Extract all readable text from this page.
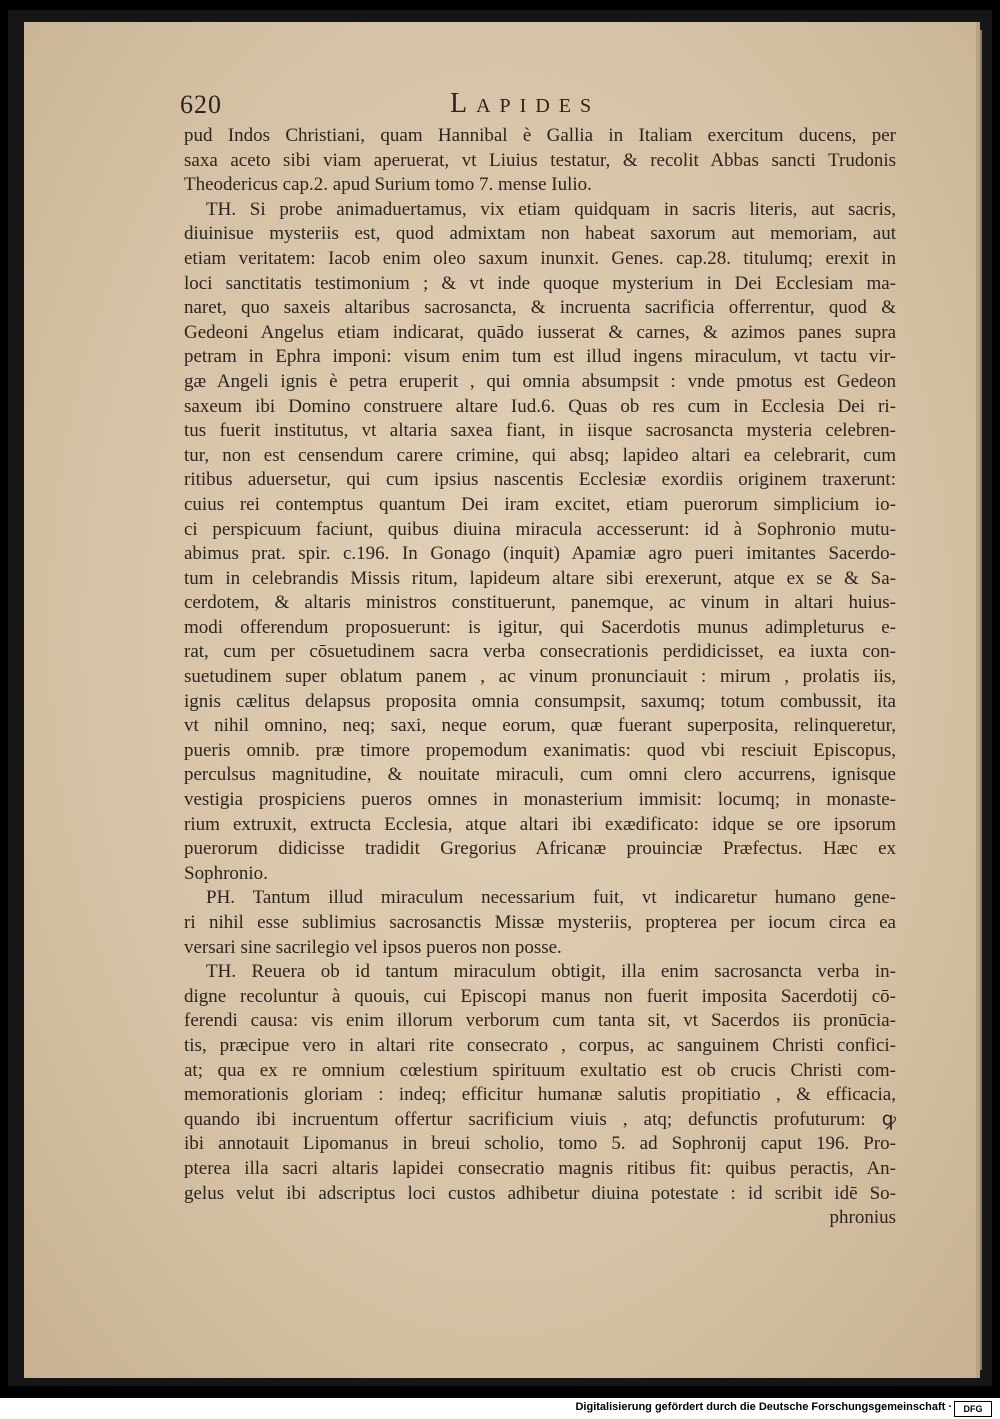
620	Lapides
pud Indos Christiani, quam Hannibal è Gallia in Italiam exercitum ducens, per
saxa aceto sibi viam aperuerat, vt Liuius testatur, & recolit Abbas sancti Trudonis
Theodericus cap.2. apud Surium tomo 7. mense Iulio.
TH. Si probe animaduertamus, vix etiam quidquam in sacris literis, aut sacris,
diuinisue mysteriis est, quod admixtam non habeat saxorum aut memoriam, aut
etiam veritatem: Iacob enim oleo saxum inunxit. Genes. cap.28. titulumq; erexit in
loci sanctitatis testimonium ; & vt inde quoque mysterium in Dei Ecclesiam ma-
naret, quo saxeis altaribus sacrosancta, & incruenta sacrificia offerrentur, quod &
Gedeoni Angelus etiam indicarat, quādo iusserat & carnes, & azimos panes supra
petram in Ephra imponi: visum enim tum est illud ingens miraculum, vt tactu vir-
gæ Angeli ignis è petra eruperit , qui omnia absumpsit : vnde pmotus est Gedeon
saxeum ibi Domino construere altare Iud.6. Quas ob res cum in Ecclesia Dei ri-
tus fuerit institutus, vt altaria saxea fiant, in iisque sacrosancta mysteria celebren-
tur, non est censendum carere crimine, qui absq; lapideo altari ea celebrarit, cum
ritibus aduersetur, qui cum ipsius nascentis Ecclesiæ exordiis originem traxerunt:
cuius rei contemptus quantum Dei iram excitet, etiam puerorum simplicium io-
ci perspicuum faciunt, quibus diuina miracula accesserunt: id à Sophronio mutu-
abimus prat. spir. c.196. In Gonago (inquit) Apamiæ agro pueri imitantes Sacerdo-
tum in celebrandis Missis ritum, lapideum altare sibi erexerunt, atque ex se & Sa-
cerdotem, & altaris ministros constituerunt, panemque, ac vinum in altari huius-
modi offerendum proposuerunt: is igitur, qui Sacerdotis munus adimpleturus e-
rat, cum per cōsuetudinem sacra verba consecrationis perdidicisset, ea iuxta con-
suetudinem super oblatum panem , ac vinum pronunciauit : mirum , prolatis iis,
ignis cælitus delapsus proposita omnia consumpsit, saxumq; totum combussit, ita
vt nihil omnino, neq; saxi, neque eorum, quæ fuerant superposita, relinqueretur,
pueris omnib. præ timore propemodum exanimatis: quod vbi resciuit Episcopus,
perculsus magnitudine, & nouitate miraculi, cum omni clero accurrens, ignisque
vestigia prospiciens pueros omnes in monasterium immisit: locumq; in monaste-
rium extruxit, extructa Ecclesia, atque altari ibi exædificato: idque se ore ipsorum
puerorum didicisse tradidit Gregorius Africanæ prouinciæ Præfectus. Hæc ex
Sophronio.
PH. Tantum illud miraculum necessarium fuit, vt indicaretur humano gene-
ri nihil esse sublimius sacrosanctis Missæ mysteriis, propterea per iocum circa ea
versari sine sacrilegio vel ipsos pueros non posse.
TH. Reuera ob id tantum miraculum obtigit, illa enim sacrosancta verba in-
digne recoluntur à quouis, cui Episcopi manus non fuerit imposita Sacerdotij cō-
ferendi causa: vis enim illorum verborum cum tanta sit, vt Sacerdos iis pronūcia-
tis, præcipue vero in altari rite consecrato , corpus, ac sanguinem Christi confici-
at; qua ex re omnium cœlestium spirituum exultatio est ob crucis Christi com-
memorationis gloriam : indeq; efficitur humanæ salutis propitiatio , & efficacia,
quando ibi incruentum offertur sacrificium viuis , atq; defunctis profuturum: ꝙ
ibi annotauit Lipomanus in breui scholio, tomo 5. ad Sophronij caput 196. Pro-
pterea illa sacri altaris lapidei consecratio magnis ritibus fit: quibus peractis, An-
gelus velut ibi adscriptus loci custos adhibetur diuina potestate : id scribit idē So-
phronius
Digitalisierung gefördert durch die Deutsche Forschungsgemeinschaft ·	DFG
